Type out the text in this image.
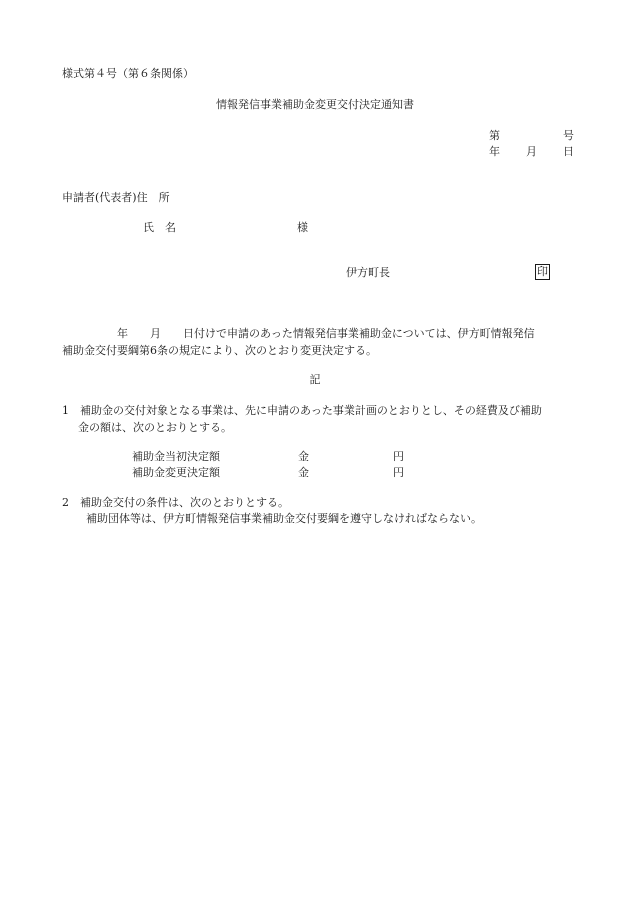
様式第４号（第６条関係）
情報発信事業補助金変更交付決定通知書
第	号
年 月 日
申請者(代表者)住　所
氏　名	様
伊方町長	印
　　　　　年　　月　　日付けで申請のあった情報発信事業補助金については、伊方町情報発信
補助金交付要綱第6条の規定により、次のとおり変更決定する。
記
1　補助金の交付対象となる事業は、先に申請のあった事業計画のとおりとし、その経費及び補助
金の額は、次のとおりとする。
補助金当初決定額	金	円
補助金変更決定額	金	円
2　補助金交付の条件は、次のとおりとする。
補助団体等は、伊方町情報発信事業補助金交付要綱を遵守しなければならない。
